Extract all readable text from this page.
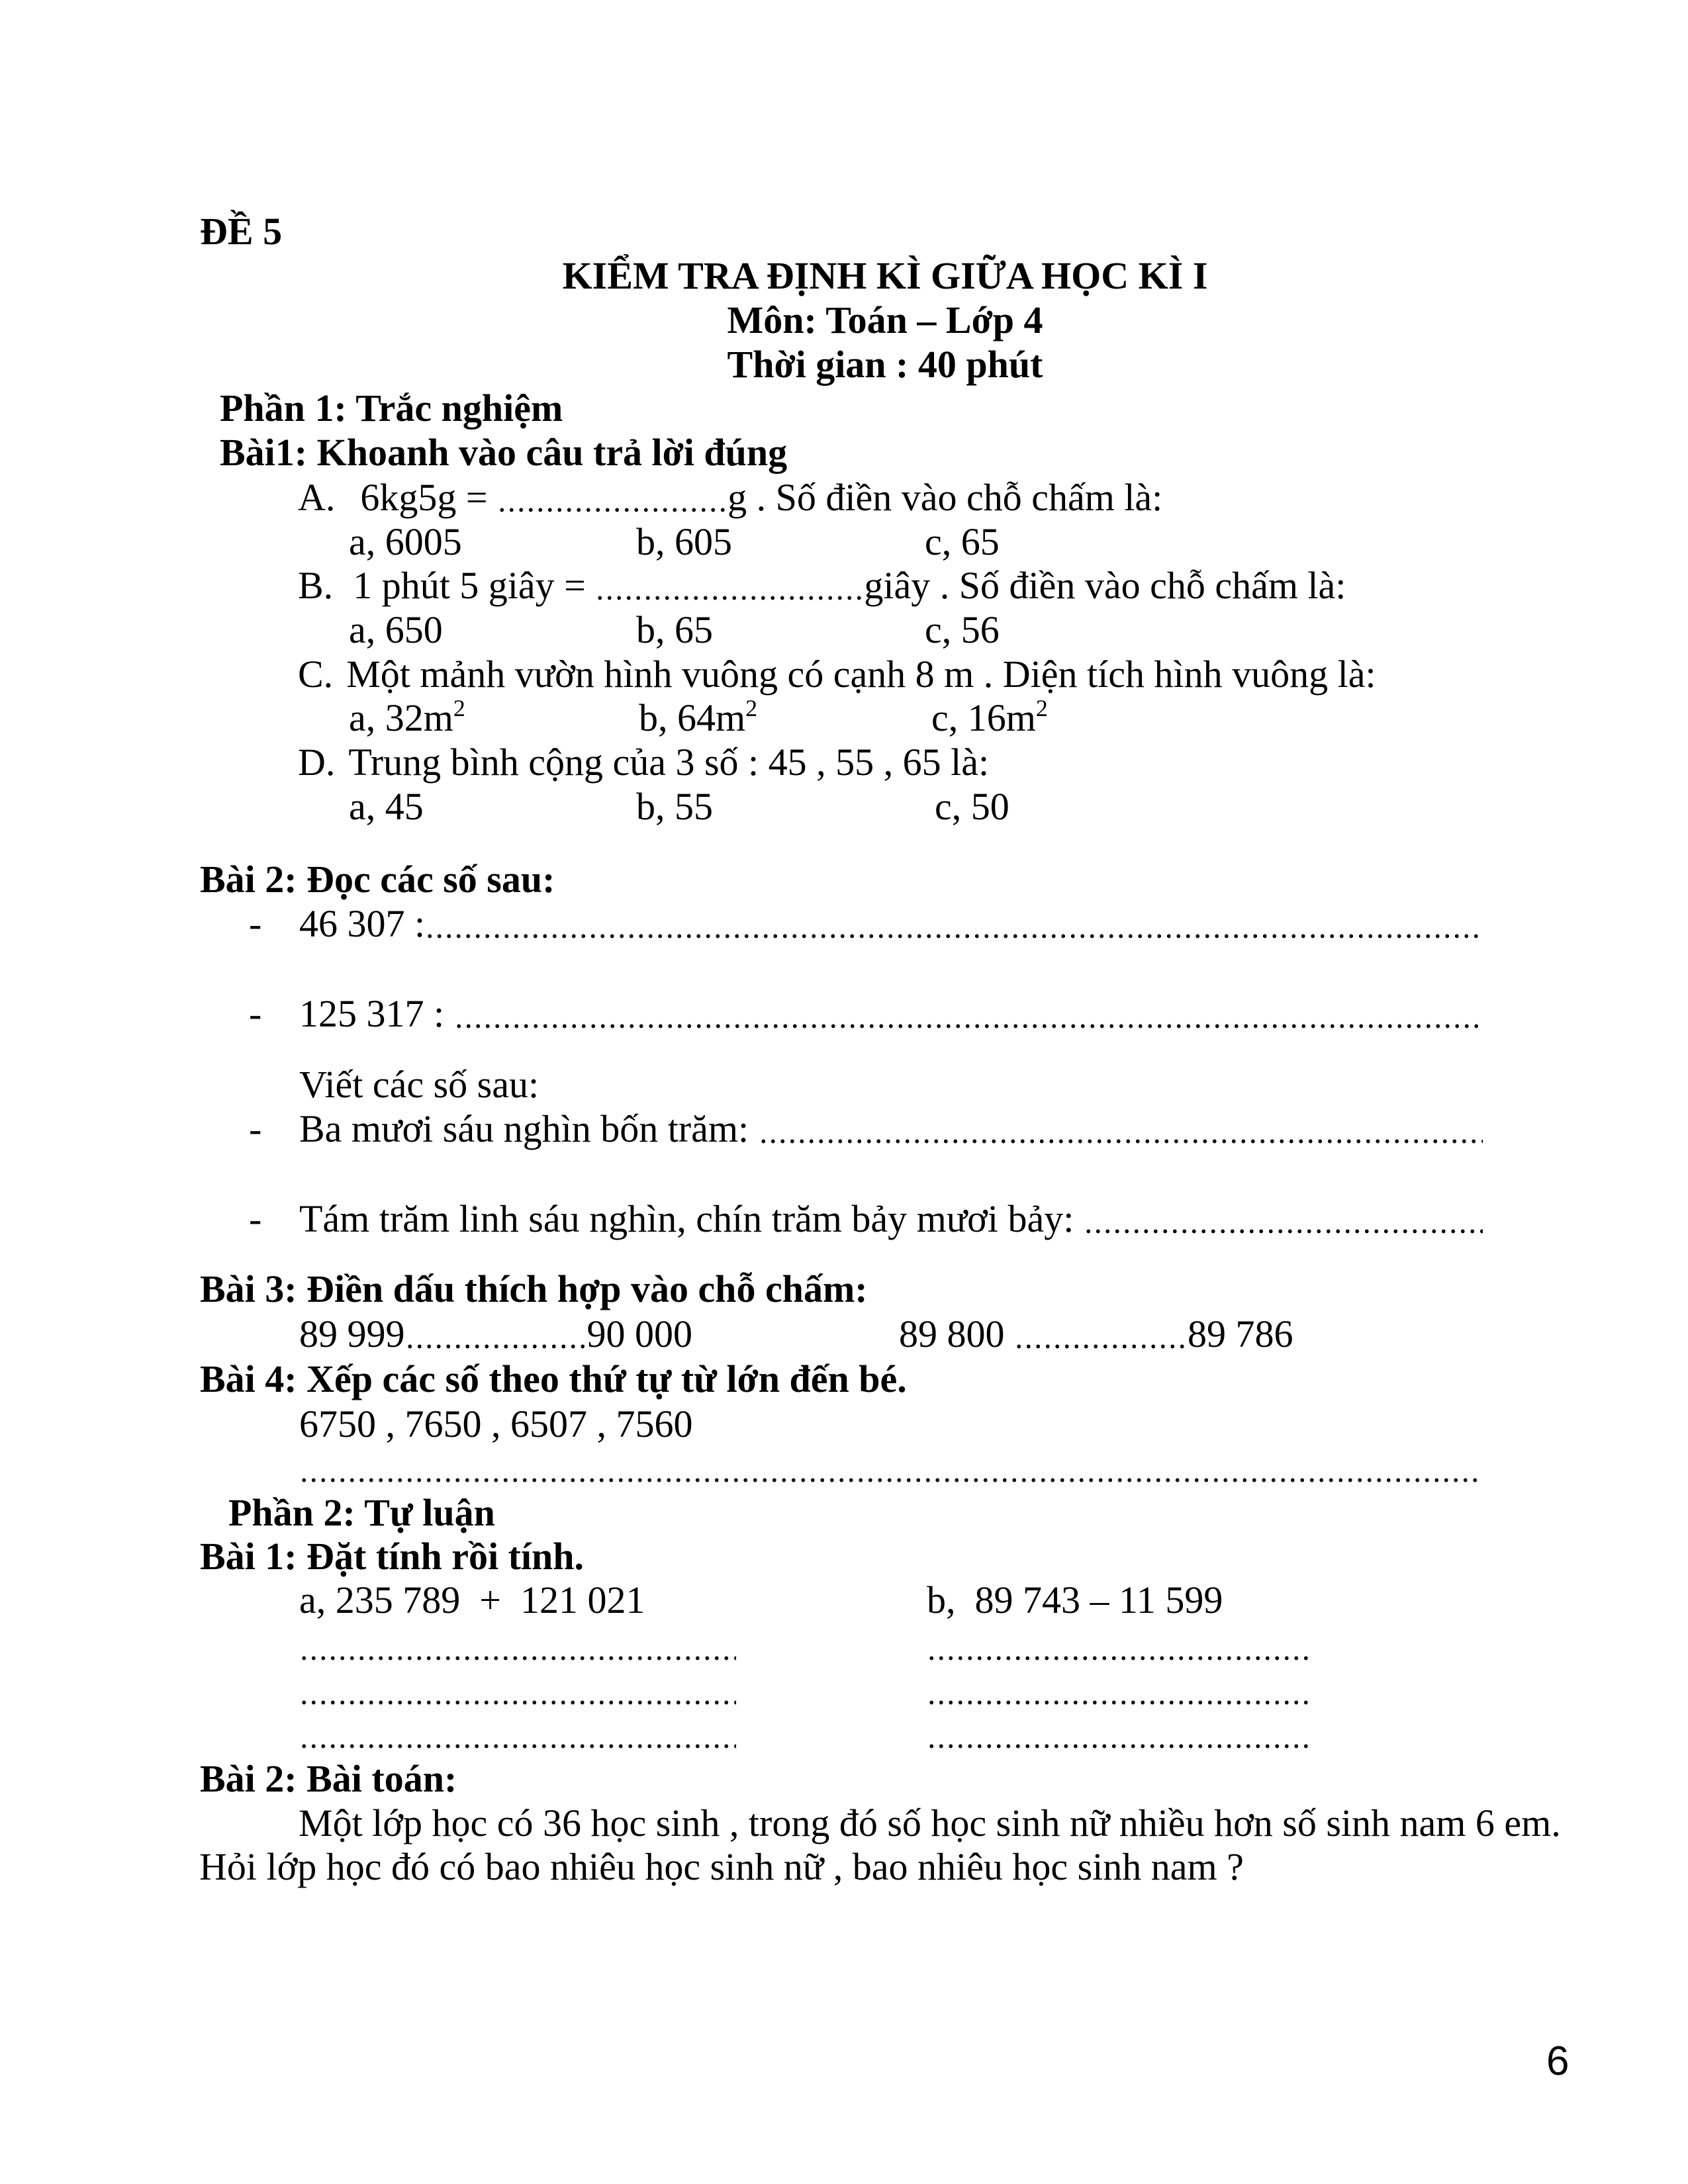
ĐỀ 5
KIỂM TRA ĐỊNH KÌ GIỮA HỌC KÌ I
Môn: Toán – Lớp 4
Thời gian : 40 phút
Phần 1: Trắc nghiệm
Bài1: Khoanh vào câu trả lời đúng
A. 6kg5g =	g . Số điền vào chỗ chấm là:
a, 6005	b, 605	c, 65
B. 1 phút 5 giây =	giây . Số điền vào chỗ chấm là:
a, 650	b, 65	c, 56
C. Một mảnh vườn hình vuông có cạnh 8 m . Diện tích hình vuông là:
a, $32m^2$	b, $64m^2$	c, $16m^2$
D. Trung bình cộng của 3 số : 45 , 55 , 65 là:
a, 45	b, 55	c, 50
Bài 2: Đọc các số sau:
- 46 307 :
- 125 317 :
Viết các số sau:
- Ba mươi sáu nghìn bốn trăm:
- Tám trăm linh sáu nghìn, chín trăm bảy mươi bảy:
Bài 3: Điền dấu thích hợp vào chỗ chấm:
89 999	90 000	89 800	89 786
Bài 4: Xếp các số theo thứ tự từ lớn đến bé.
6750 , 7650 , 6507 , 7560
Phần 2: Tự luận
Bài 1: Đặt tính rồi tính.
a, 235 789  +  121 021	b,  89 743 – 11 599
Bài 2: Bài toán:
Một lớp học có 36 học sinh , trong đó số học sinh nữ nhiều hơn số sinh nam 6 em.
Hỏi lớp học đó có bao nhiêu học sinh nữ , bao nhiêu học sinh nam ?
6
